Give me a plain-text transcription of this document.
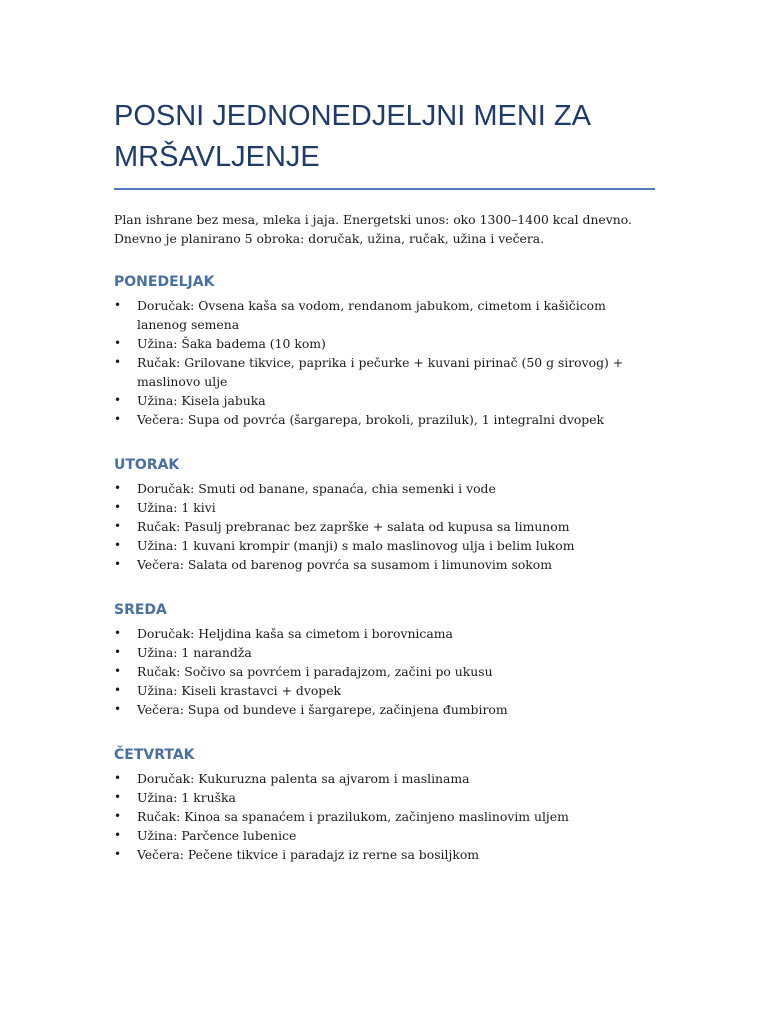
POSNI JEDNONEDJELJNI MENI ZA MRŠAVLJENJE

Plan ishrane bez mesa, mleka i jaja. Energetski unos: oko 1300–1400 kcal dnevno. Dnevno je planirano 5 obroka: doručak, užina, ručak, užina i večera.

PONEDELJAK
• Doručak: Ovsena kaša sa vodom, rendanom jabukom, cimetom i kašičicom lanenog semena
• Užina: Šaka badema (10 kom)
• Ručak: Grilovane tikvice, paprika i pečurke + kuvani pirinač (50 g sirovog) + maslinovo ulje
• Užina: Kisela jabuka
• Večera: Supa od povrća (šargarepa, brokoli, praziluk), 1 integralni dvopek
UTORAK
• Doručak: Smuti od banane, spanaća, chia semenki i vode
• Užina: 1 kivi
• Ručak: Pasulj prebranac bez zaprške + salata od kupusa sa limunom
• Užina: 1 kuvani krompir (manji) s malo maslinovog ulja i belim lukom
• Večera: Salata od barenog povrća sa susamom i limunovim sokom
SREDA
• Doručak: Heljdina kaša sa cimetom i borovnicama
• Užina: 1 narandža
• Ručak: Sočivo sa povrćem i paradajzom, začini po ukusu
• Užina: Kiseli krastavci + dvopek
• Večera: Supa od bundeve i šargarepe, začinjena đumbirom
ČETVRTAK
• Doručak: Kukuruzna palenta sa ajvarom i maslinama
• Užina: 1 kruška
• Ručak: Kinoa sa spanaćem i prazilukom, začinjeno maslinovim uljem
• Užina: Parčence lubenice
• Večera: Pečene tikvice i paradajz iz rerne sa bosiljkom
